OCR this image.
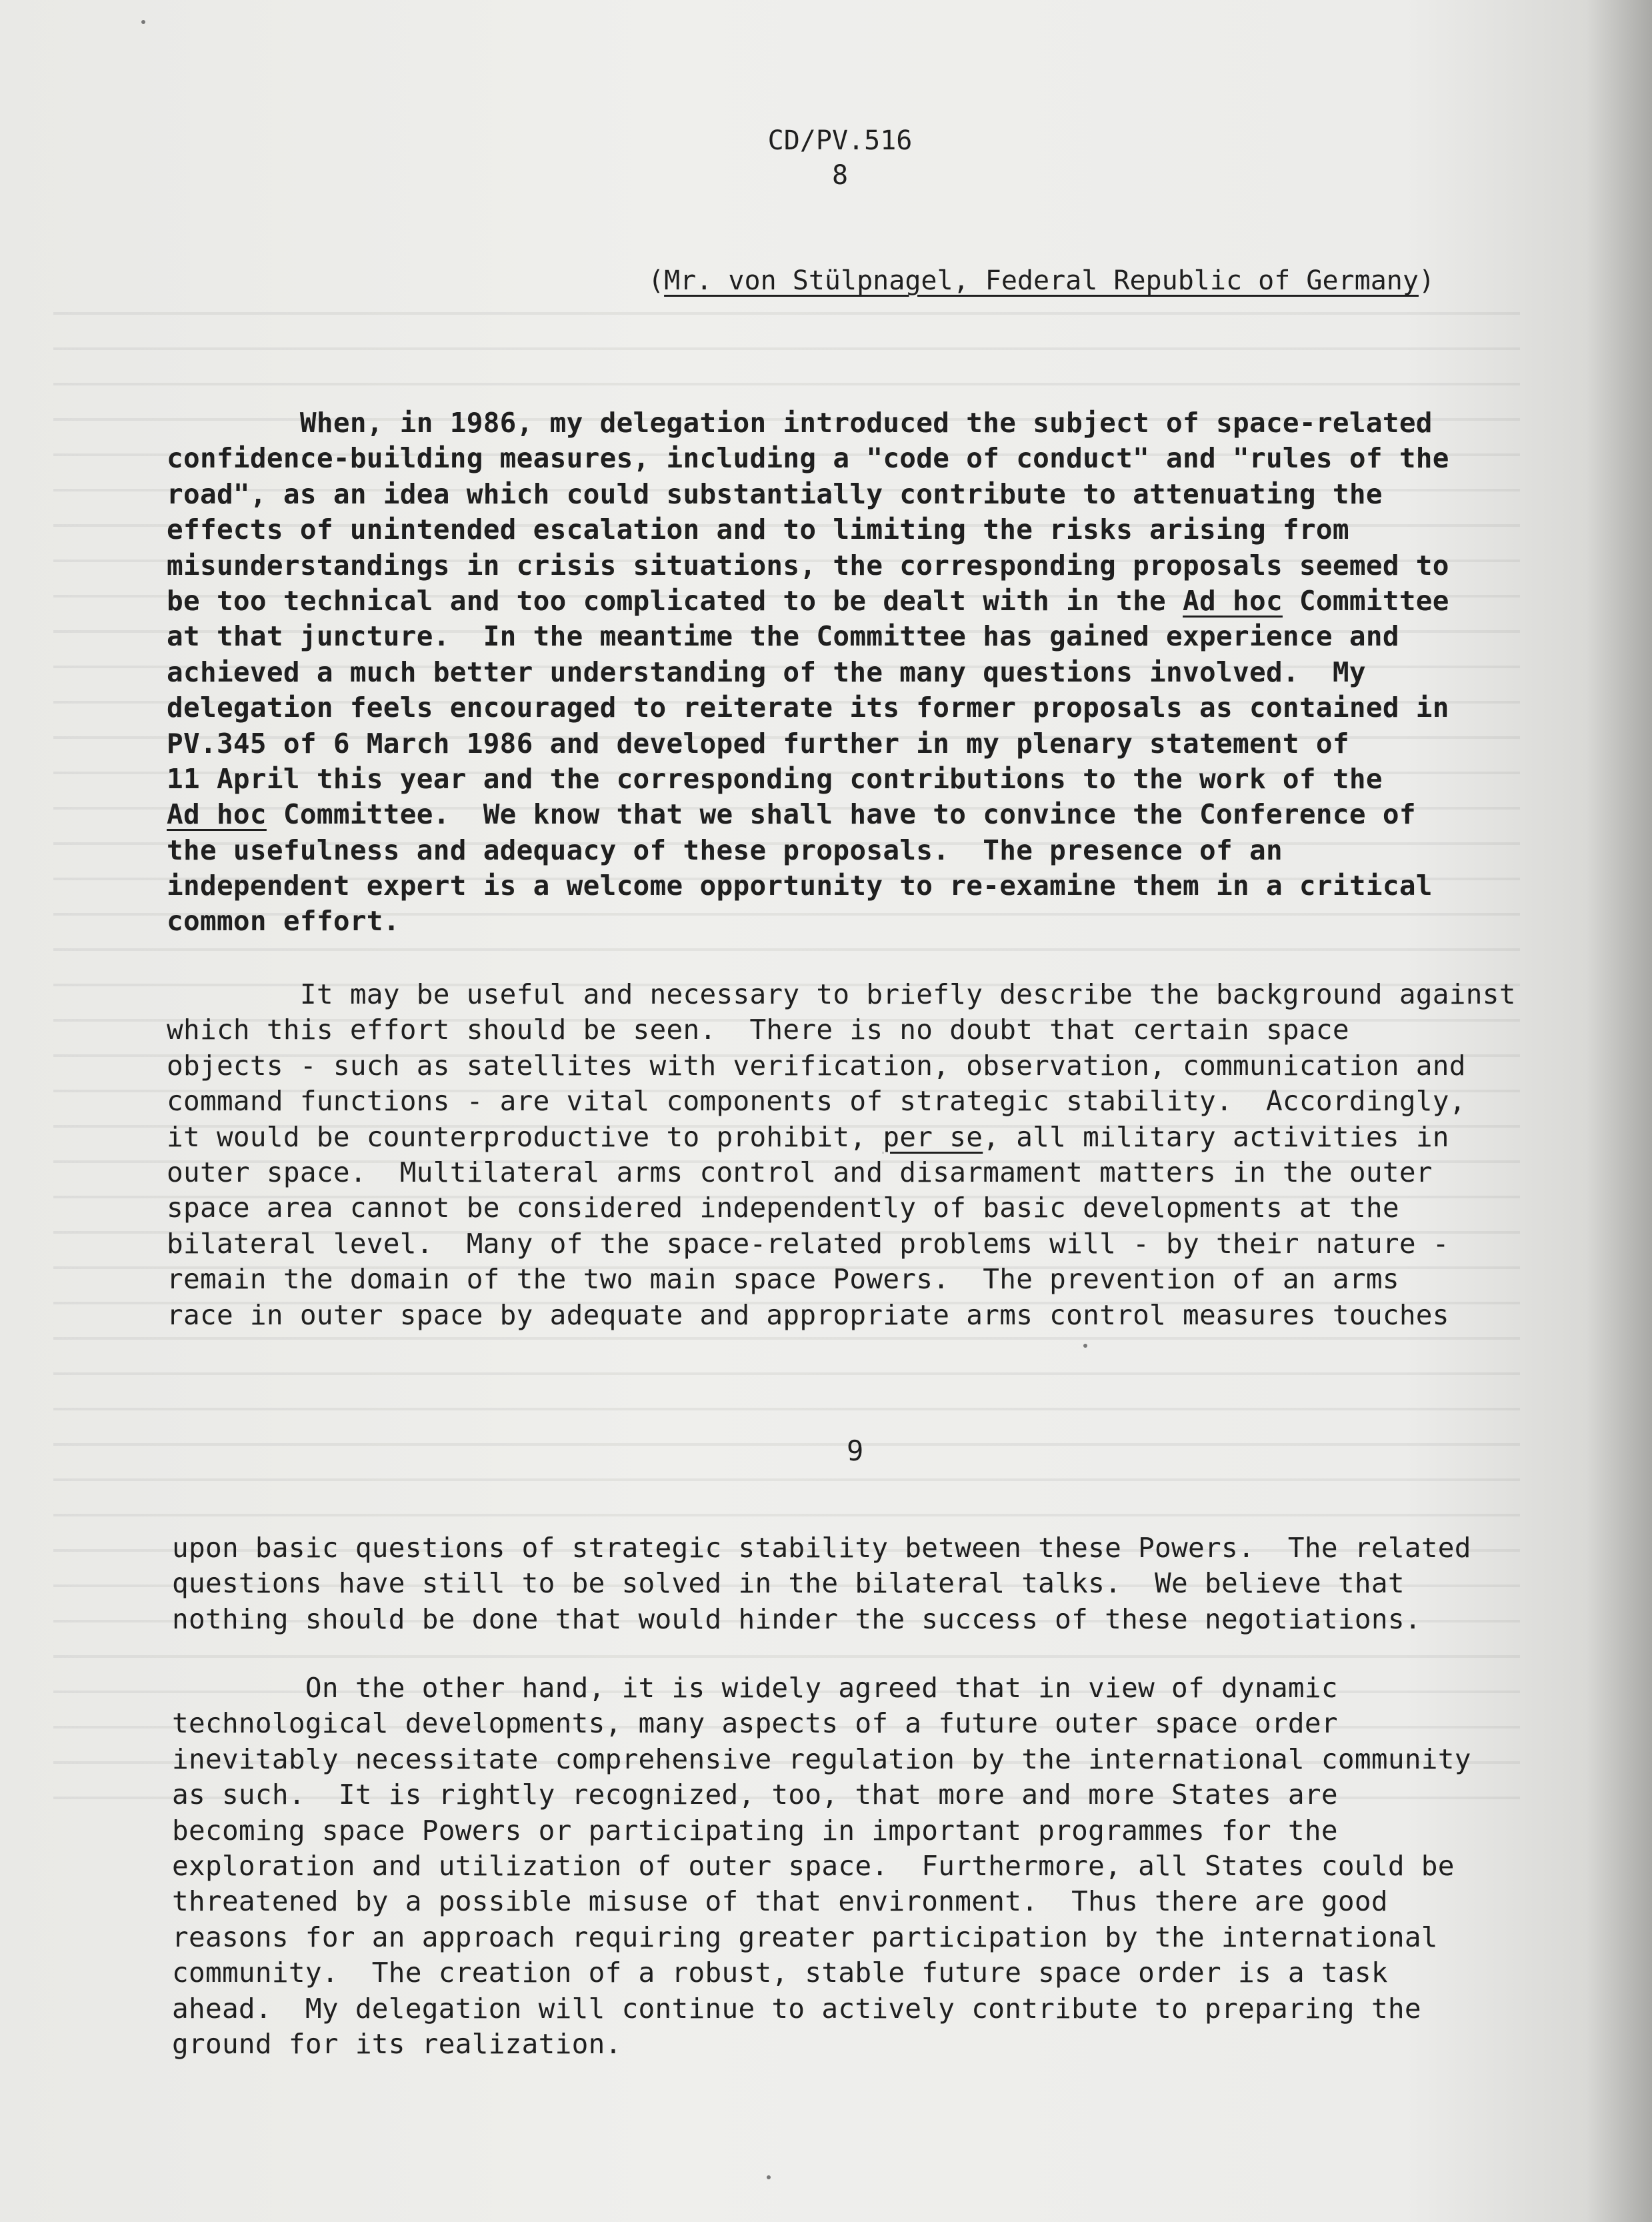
CD/PV.516
8
(Mr. von Stülpnagel, Federal Republic of Germany)
When, in 1986, my delegation introduced the subject of space-related
confidence-building measures, including a "code of conduct" and "rules of the
road", as an idea which could substantially contribute to attenuating the
effects of unintended escalation and to limiting the risks arising from
misunderstandings in crisis situations, the corresponding proposals seemed to
be too technical and too complicated to be dealt with in the Ad hoc Committee
at that juncture.  In the meantime the Committee has gained experience and
achieved a much better understanding of the many questions involved.  My
delegation feels encouraged to reiterate its former proposals as contained in
PV.345 of 6 March 1986 and developed further in my plenary statement of
11 April this year and the corresponding contributions to the work of the
Ad hoc Committee.  We know that we shall have to convince the Conference of
the usefulness and adequacy of these proposals.  The presence of an
independent expert is a welcome opportunity to re-examine them in a critical
common effort.
It may be useful and necessary to briefly describe the background against
which this effort should be seen.  There is no doubt that certain space
objects - such as satellites with verification, observation, communication and
command functions - are vital components of strategic stability.  Accordingly,
it would be counterproductive to prohibit, per se, all military activities in
outer space.  Multilateral arms control and disarmament matters in the outer
space area cannot be considered independently of basic developments at the
bilateral level.  Many of the space-related problems will - by their nature -
remain the domain of the two main space Powers.  The prevention of an arms
race in outer space by adequate and appropriate arms control measures touches
9
upon basic questions of strategic stability between these Powers.  The related
questions have still to be solved in the bilateral talks.  We believe that
nothing should be done that would hinder the success of these negotiations.
On the other hand, it is widely agreed that in view of dynamic
technological developments, many aspects of a future outer space order
inevitably necessitate comprehensive regulation by the international community
as such.  It is rightly recognized, too, that more and more States are
becoming space Powers or participating in important programmes for the
exploration and utilization of outer space.  Furthermore, all States could be
threatened by a possible misuse of that environment.  Thus there are good
reasons for an approach requiring greater participation by the international
community.  The creation of a robust, stable future space order is a task
ahead.  My delegation will continue to actively contribute to preparing the
ground for its realization.
